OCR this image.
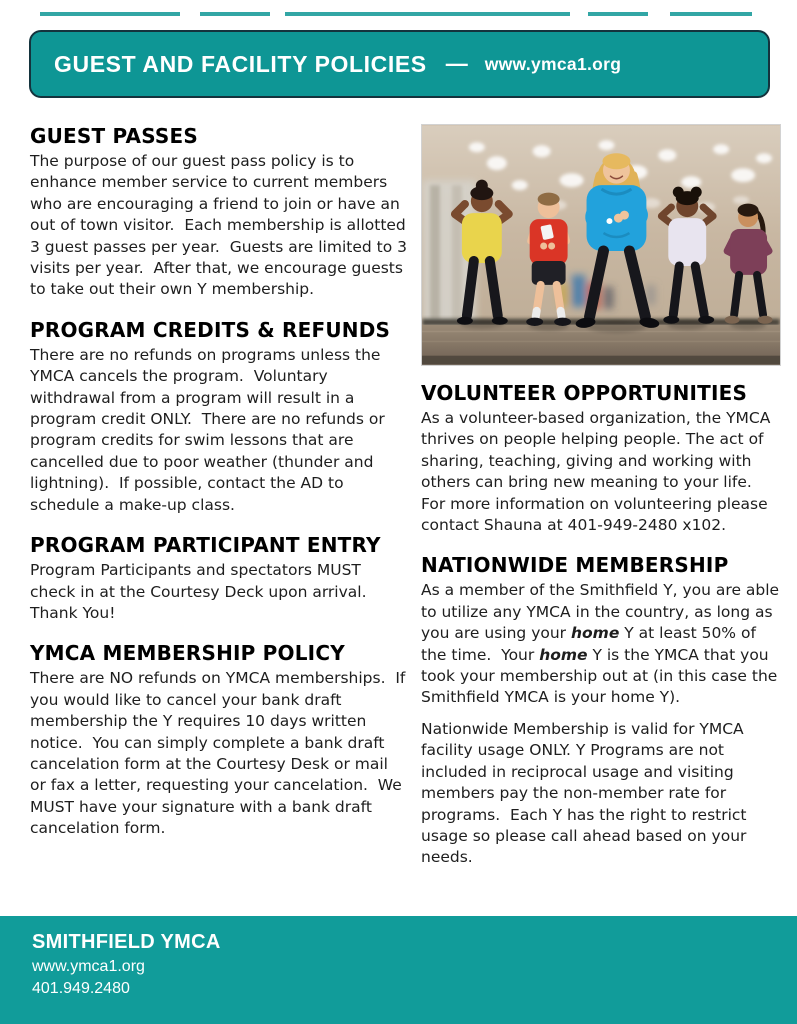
GUEST AND FACILITY POLICIES — www.ymca1.org
GUEST PASSES

The purpose of our guest pass policy is to enhance member service to current members who are encouraging a friend to join or have an out of town visitor.  Each membership is allotted 3 guest passes per year.  Guests are limited to 3 visits per year.  After that, we encourage guests to take out their own Y membership.

PROGRAM CREDITS & REFUNDS

There are no refunds on programs unless the YMCA cancels the program.  Voluntary withdrawal from a program will result in a program credit ONLY.  There are no refunds or program credits for swim lessons that are cancelled due to poor weather (thunder and lightning).  If possible, contact the AD to schedule a make-up class.

PROGRAM PARTICIPANT ENTRY

Program Participants and spectators MUST check in at the Courtesy Deck upon arrival.  Thank You!

YMCA MEMBERSHIP POLICY

There are NO refunds on YMCA memberships.  If you would like to cancel your bank draft membership the Y requires 10 days written notice.  You can simply complete a bank draft cancelation form at the Courtesy Desk or mail or fax a letter, requesting your cancelation.  We MUST have your signature with a bank draft cancelation form.

VOLUNTEER OPPORTUNITIES

As a volunteer-based organization, the YMCA thrives on people helping people. The act of sharing, teaching, giving and working with others can bring new meaning to your life.  For more information on volunteering please contact Shauna at 401-949-2480 x102.

NATIONWIDE MEMBERSHIP

As a member of the Smithfield Y, you are able to utilize any YMCA in the country, as long as you are using your home Y at least 50% of the time.  Your home Y is the YMCA that you took your membership out at (in this case the Smithfield YMCA is your home Y).

Nationwide Membership is valid for YMCA facility usage ONLY. Y Programs are not included in reciprocal usage and visiting members pay the non-member rate for programs.  Each Y has the right to restrict usage so please call ahead based on your needs.

SMITHFIELD YMCA
www.ymca1.org
401.949.2480
